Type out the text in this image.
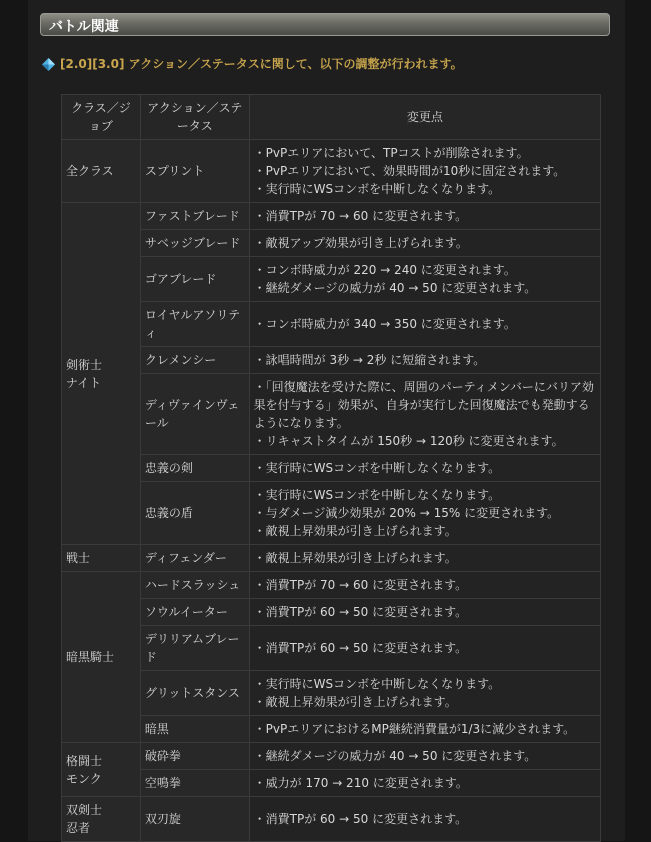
バトル関連
[2.0][3.0] アクション／ステータスに関して、以下の調整が行われます。
クラス／ジョブ	アクション／ステータス	変更点
全クラス	スプリント	・PvPエリアにおいて、TPコストが削除されます。
・PvPエリアにおいて、効果時間が10秒に固定されます。
・実行時にWSコンボを中断しなくなります。

剣術士
ナイト	ファストブレード	・消費TPが 70 → 60 に変更されます。

	サベッジブレード	・敵視アップ効果が引き上げられます。

	ゴアブレード	・コンボ時威力が 220 → 240 に変更されます。
・継続ダメージの威力が 40 → 50 に変更されます。

	ロイヤルアソリティ	・コンボ時威力が 340 → 350 に変更されます。

	クレメンシー	・詠唱時間が 3秒 → 2秒 に短縮されます。

	ディヴァインヴェール	・「回復魔法を受けた際に、周囲のパーティメンバーにバリア効果を付与する」効果が、自身が実行した回復魔法でも発動するようになります。
・リキャストタイムが 150秒 → 120秒 に変更されます。

	忠義の剣	・実行時にWSコンボを中断しなくなります。

	忠義の盾	・実行時にWSコンボを中断しなくなります。
・与ダメージ減少効果が 20% → 15% に変更されます。
・敵視上昇効果が引き上げられます。

戦士	ディフェンダー	・敵視上昇効果が引き上げられます。

暗黒騎士	ハードスラッシュ	・消費TPが 70 → 60 に変更されます。

	ソウルイーター	・消費TPが 60 → 50 に変更されます。

	デリリアムブレード	・消費TPが 60 → 50 に変更されます。

	グリットスタンス	・実行時にWSコンボを中断しなくなります。
・敵視上昇効果が引き上げられます。

	暗黒	・PvPエリアにおけるMP継続消費量が1/3に減少されます。

格闘士
モンク	破砕拳	・継続ダメージの威力が 40 → 50 に変更されます。

	空鳴拳	・威力が 170 → 210 に変更されます。

双剣士
忍者	双刃旋	・消費TPが 60 → 50 に変更されます。
